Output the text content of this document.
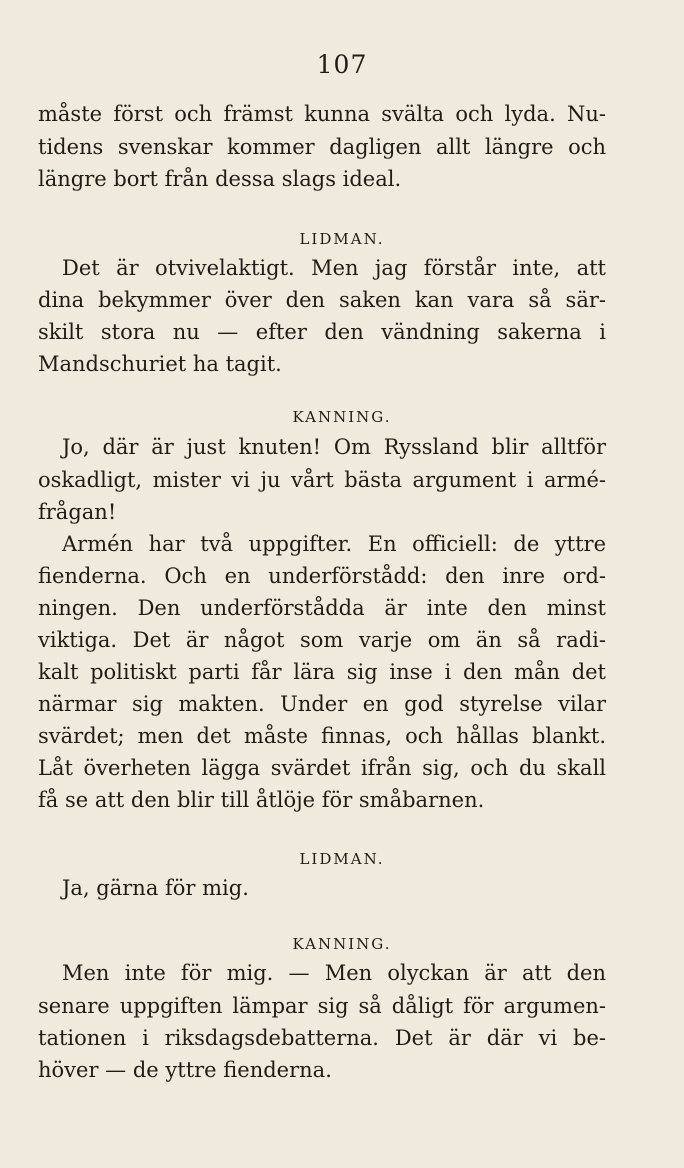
107
måste först och främst kunna svälta och lyda. Nu-
tidens svenskar kommer dagligen allt längre och
längre bort från dessa slags ideal.
LIDMAN.
Det är otvivelaktigt. Men jag förstår inte, att
dina bekymmer över den saken kan vara så sär-
skilt stora nu — efter den vändning sakerna i
Mandschuriet ha tagit.
KANNING.
Jo, där är just knuten! Om Ryssland blir alltför
oskadligt, mister vi ju vårt bästa argument i armé-
frågan!
Armén har två uppgifter. En officiell: de yttre
fienderna. Och en underförstådd: den inre ord-
ningen. Den underförstådda är inte den minst
viktiga. Det är något som varje om än så radi-
kalt politiskt parti får lära sig inse i den mån det
närmar sig makten. Under en god styrelse vilar
svärdet; men det måste finnas, och hållas blankt.
Låt överheten lägga svärdet ifrån sig, och du skall
få se att den blir till åtlöje för småbarnen.
LIDMAN.
Ja, gärna för mig.
KANNING.
Men inte för mig. — Men olyckan är att den
senare uppgiften lämpar sig så dåligt för argumen-
tationen i riksdagsdebatterna. Det är där vi be-
höver — de yttre fienderna.
